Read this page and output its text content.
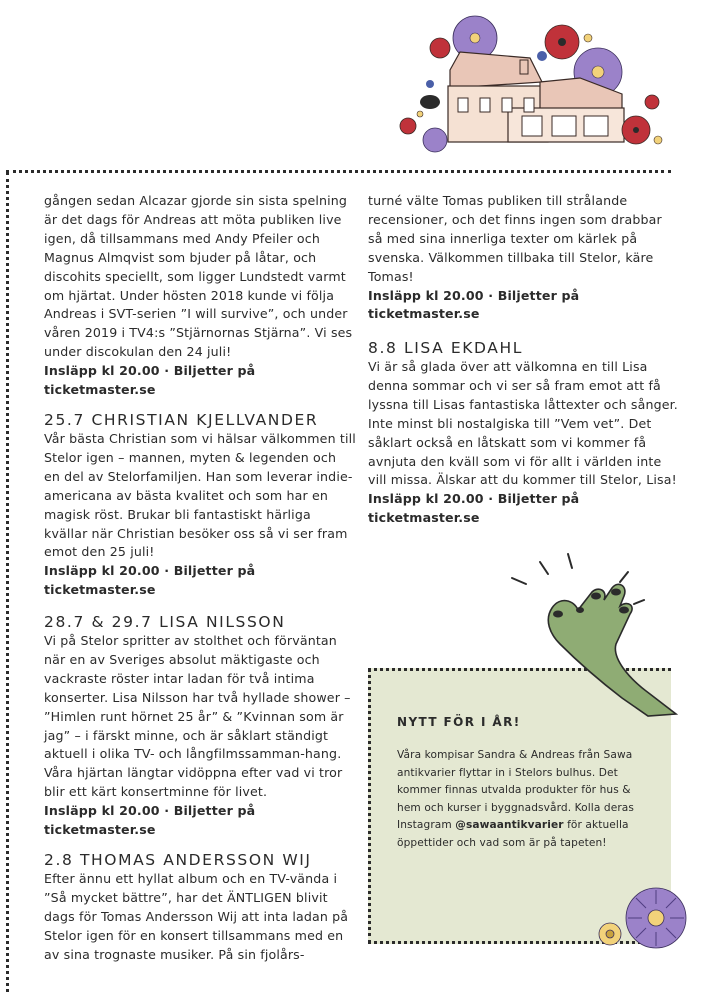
gången sedan Alcazar gjorde sin sista spelning är det dags för Andreas att möta publiken live igen, då tillsammans med Andy Pfeiler och Magnus Almqvist som bjuder på låtar, och discohits speciellt, som ligger Lundstedt varmt om hjärtat. Under hösten 2018 kunde vi följa Andreas i SVT-serien ”I will survive”, och under våren 2019 i TV4:s ”Stjärnornas Stjärna”. Vi ses under discokulan den 24 juli!

Insläpp kl 20.00 · Biljetter på ticketmaster.se

25.7 CHRISTIAN KJELLVANDER

Vår bästa Christian som vi hälsar välkommen till Stelor igen – mannen, myten & legenden och en del av Stelorfamiljen. Han som leverar indie-americana av bästa kvalitet och som har en magisk röst. Brukar bli fantastiskt härliga kvällar när Christian besöker oss så vi ser fram emot den 25 juli!

Insläpp kl 20.00 · Biljetter på ticketmaster.se

28.7 & 29.7 LISA NILSSON

Vi på Stelor spritter av stolthet och förväntan när en av Sveriges absolut mäktigaste och vackraste röster intar ladan för två intima konserter. Lisa Nilsson har två hyllade shower – ”Himlen runt hörnet 25 år” & ”Kvinnan som är jag” – i färskt minne, och är såklart ständigt aktuell i olika TV- och långfilmssamman-hang. Våra hjärtan längtar vidöppna efter vad vi tror blir ett kärt konsertminne för livet.

Insläpp kl 20.00 · Biljetter på ticketmaster.se

2.8 THOMAS ANDERSSON WIJ

Efter ännu ett hyllat album och en TV-vända i ”Så mycket bättre”, har det ÄNTLIGEN blivit dags för Tomas Andersson Wij att inta ladan på Stelor igen för en konsert tillsammans med en av sina trognaste musiker. På sin fjolårs-

turné välte Tomas publiken till strålande recensioner, och det finns ingen som drabbar så med sina innerliga texter om kärlek på svenska. Välkommen tillbaka till Stelor, käre Tomas!

Insläpp kl 20.00 · Biljetter på ticketmaster.se

8.8 LISA EKDAHL

Vi är så glada över att välkomna en till Lisa denna sommar och vi ser så fram emot att få lyssna till Lisas fantastiska låttexter och sånger. Inte minst bli nostalgiska till ”Vem vet”. Det såklart också en låtskatt som vi kommer få avnjuta den kväll som vi för allt i världen inte vill missa. Älskar att du kommer till Stelor, Lisa!

Insläpp kl 20.00 · Biljetter på ticketmaster.se

NYTT FÖR I ÅR!
Våra kompisar Sandra & Andreas från Sawa antikvarier flyttar in i Stelors bulhus. Det kommer finnas utvalda produkter för hus & hem och kurser i byggnadsvård. Kolla deras Instagram @sawaantikvarier för aktuella öppettider och vad som är på tapeten!
